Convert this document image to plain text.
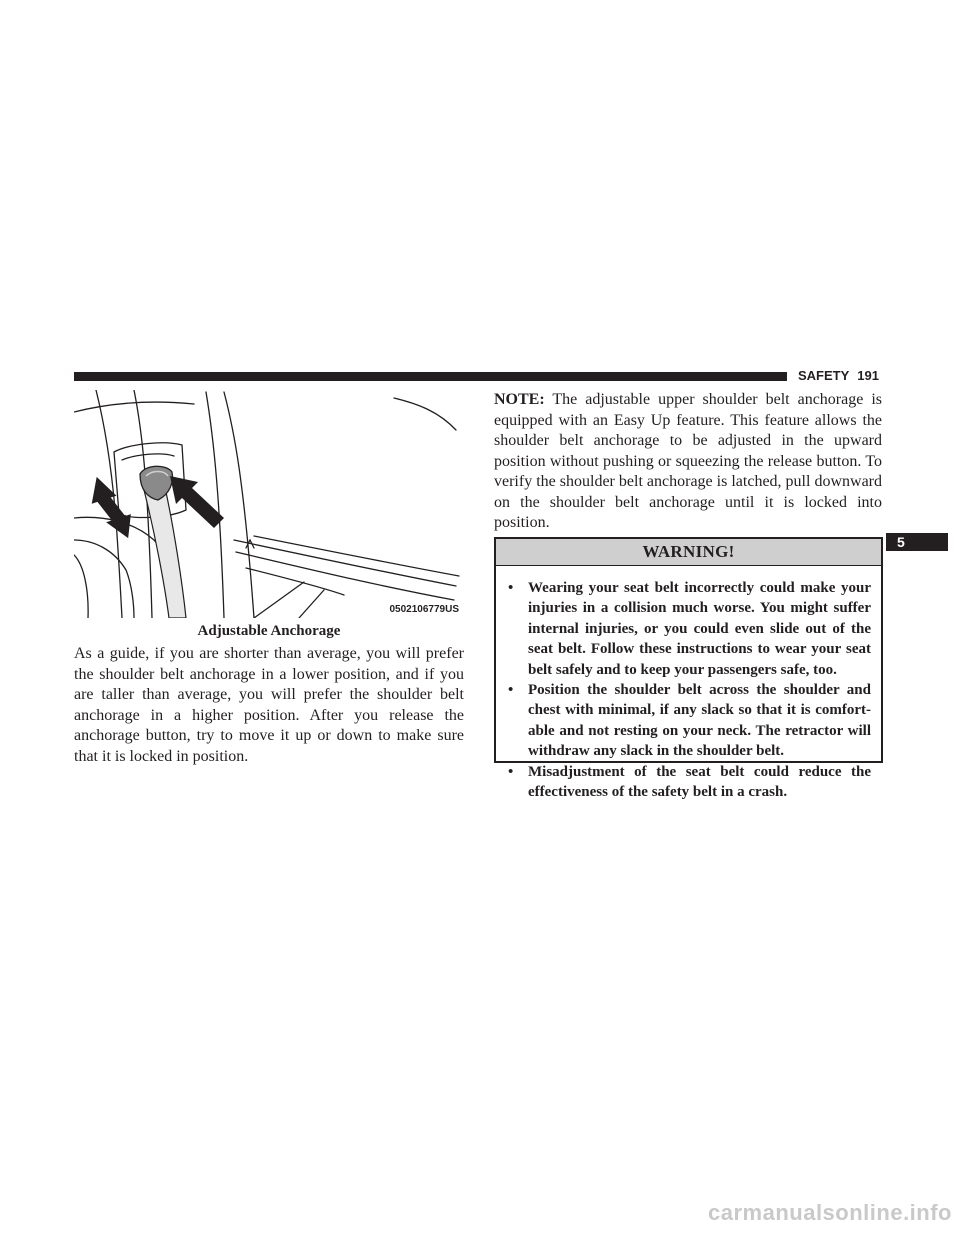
SAFETY 191
0502106779US
Adjustable Anchorage

As a guide, if you are shorter than average, you will prefer the shoulder belt anchorage in a lower position, and if you are taller than average, you will prefer the shoulder belt anchorage in a higher position. After you release the anchorage button, try to move it up or down to make sure that it is locked in position.

NOTE: The adjustable upper shoulder belt anchorage is equipped with an Easy Up feature. This feature allows the shoulder belt anchorage to be adjusted in the upward position without pushing or squeezing the release button. To verify the shoulder belt anchorage is latched, pull downward on the shoulder belt anchorage until it is locked into position.

WARNING!
• Wearing your seat belt incorrectly could make your injuries in a collision much worse. You might suffer internal injuries, or you could even slide out of the seat belt. Follow these instructions to wear your seat belt safely and to keep your passengers safe, too.
• Position the shoulder belt across the shoulder and chest with minimal, if any slack so that it is comfort-able and not resting on your neck. The retractor will withdraw any slack in the shoulder belt.
• Misadjustment of the seat belt could reduce the effectiveness of the safety belt in a crash.
5
carmanualsonline.info
